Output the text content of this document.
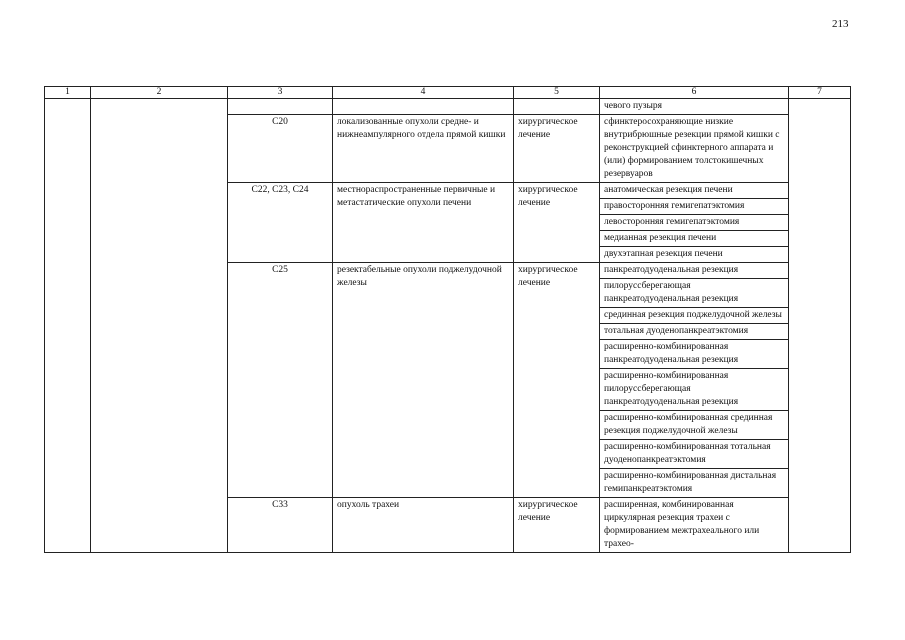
213
1	2	3	4	5	6	7
					чевого пузыря	
		C20	локализованные опухоли средне- и нижнеампулярного отдела прямой кишки	хирургическое лечение	сфинктеросохраняющие низкие внутрибрюшные резекции прямой кишки с реконструкцией сфинктерного аппарата и (или) формированием толстокишечных резервуаров	
		C22, C23, C24	местнораспространенные первичные и метастатические опухоли печени	хирургическое лечение	анатомическая резекция печени	
					правосторонняя гемигепатэктомия	
					левосторонняя гемигепатэктомия	
					медианная резекция печени	
					двухэтапная резекция печени	
		C25	резектабельные опухоли поджелудочной железы	хирургическое лечение	панкреатодуоденальная резекция	
					пилоруссберегающая панкреатодуоденальная резекция	
					срединная резекция поджелудочной железы	
					тотальная дуоденопанкреатэктомия	
					расширенно-комбинированная панкреатодуоденальная резекция	
					расширенно-комбинированная пилоруссберегающая панкреатодуоденальная резекция	
					расширенно-комбинированная срединная резекция поджелудочной железы	
					расширенно-комбинированная тотальная дуоденопанкреатэктомия	
					расширенно-комбинированная дистальная гемипанкреатэктомия	
		C33	опухоль трахеи	хирургическое лечение	расширенная, комбинированная циркулярная резекция трахеи с формированием межтрахеального или трахео-	
